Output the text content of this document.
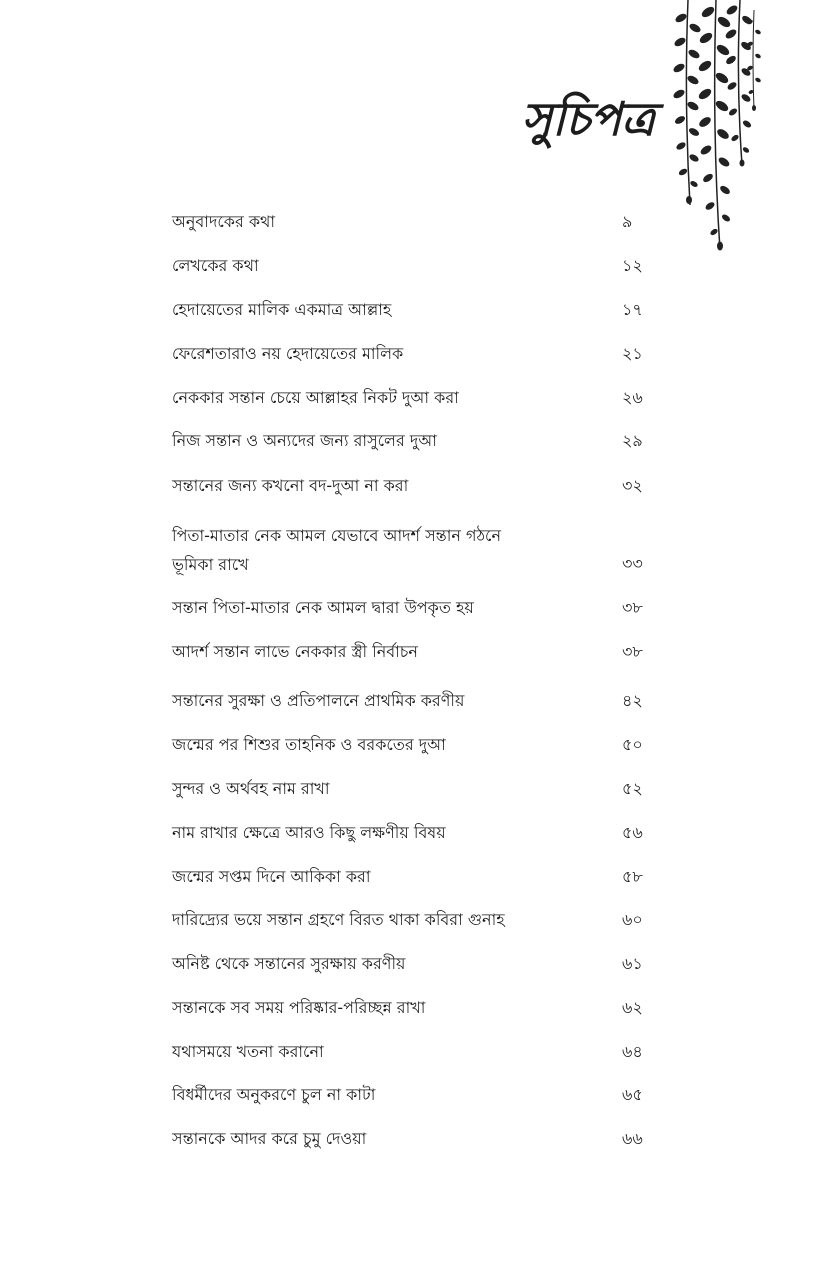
সুচিপত্র
অনুবাদকের কথা	৯
লেখকের কথা	১২
হেদায়েতের মালিক একমাত্র আল্লাহ	১৭
ফেরেশতারাও নয় হেদায়েতের মালিক	২১
নেককার সন্তান চেয়ে আল্লাহর নিকট দুআ করা	২৬
নিজ সন্তান ও অন্যদের জন্য রাসুলের দুআ	২৯
সন্তানের জন্য কখনো বদ-দুআ না করা	৩২
পিতা-মাতার নেক আমল যেভাবে আদর্শ সন্তান গঠনে ভূমিকা রাখে	৩৩
সন্তান পিতা-মাতার নেক আমল দ্বারা উপকৃত হয়	৩৮
আদর্শ সন্তান লাভে নেককার স্ত্রী নির্বাচন	৩৮
সন্তানের সুরক্ষা ও প্রতিপালনে প্রাথমিক করণীয়	৪২
জন্মের পর শিশুর তাহনিক ও বরকতের দুআ	৫০
সুন্দর ও অর্থবহ নাম রাখা	৫২
নাম রাখার ক্ষেত্রে আরও কিছু লক্ষণীয় বিষয়	৫৬
জন্মের সপ্তম দিনে আকিকা করা	৫৮
দারিদ্র্যের ভয়ে সন্তান গ্রহণে বিরত থাকা কবিরা গুনাহ	৬০
অনিষ্ট থেকে সন্তানের সুরক্ষায় করণীয়	৬১
সন্তানকে সব সময় পরিষ্কার-পরিচ্ছন্ন রাখা	৬২
যথাসময়ে খতনা করানো	৬৪
বিধর্মীদের অনুকরণে চুল না কাটা	৬৫
সন্তানকে আদর করে চুমু দেওয়া	৬৬
